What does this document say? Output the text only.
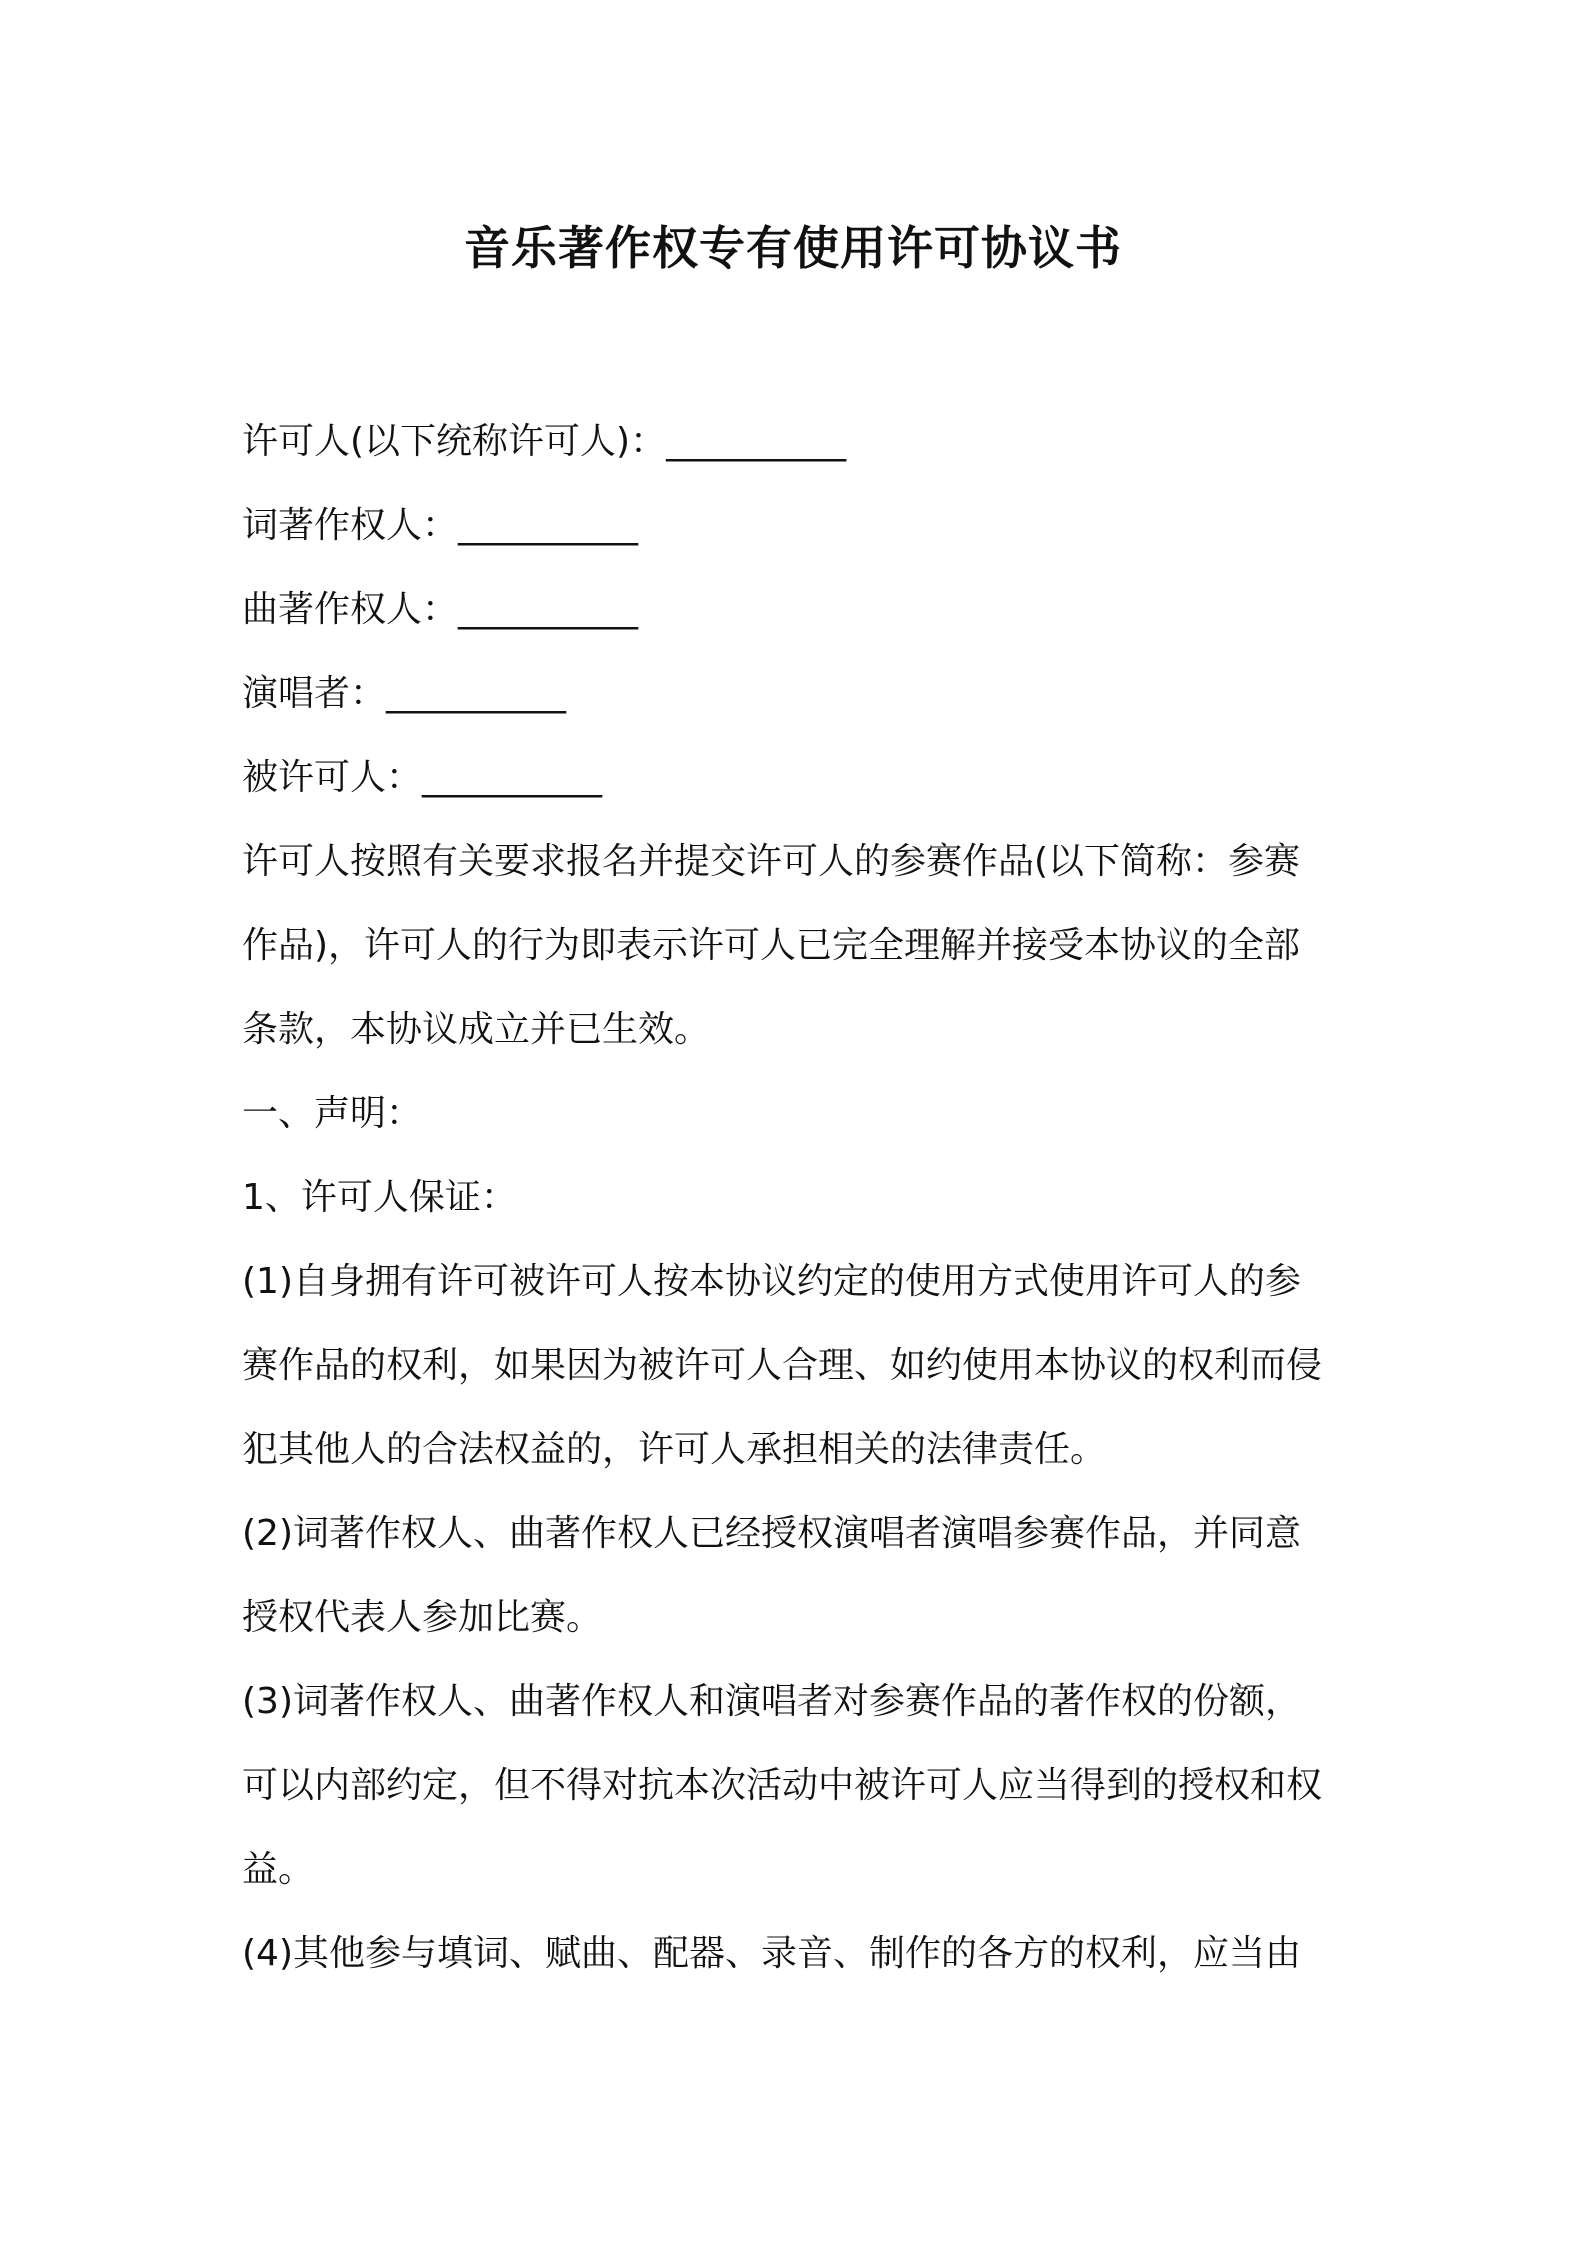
音乐著作权专有使用许可协议书
许可人(以下统称许可人)：__________
词著作权人：__________
曲著作权人：__________
演唱者：__________
被许可人：__________
许可人按照有关要求报名并提交许可人的参赛作品(以下简称：参赛
作品)，许可人的行为即表示许可人已完全理解并接受本协议的全部
条款，本协议成立并已生效。
一、声明：
1、许可人保证：
(1)自身拥有许可被许可人按本协议约定的使用方式使用许可人的参
赛作品的权利，如果因为被许可人合理、如约使用本协议的权利而侵
犯其他人的合法权益的，许可人承担相关的法律责任。
(2)词著作权人、曲著作权人已经授权演唱者演唱参赛作品，并同意
授权代表人参加比赛。
(3)词著作权人、曲著作权人和演唱者对参赛作品的著作权的份额，
可以内部约定，但不得对抗本次活动中被许可人应当得到的授权和权
益。
(4)其他参与填词、赋曲、配器、录音、制作的各方的权利，应当由
